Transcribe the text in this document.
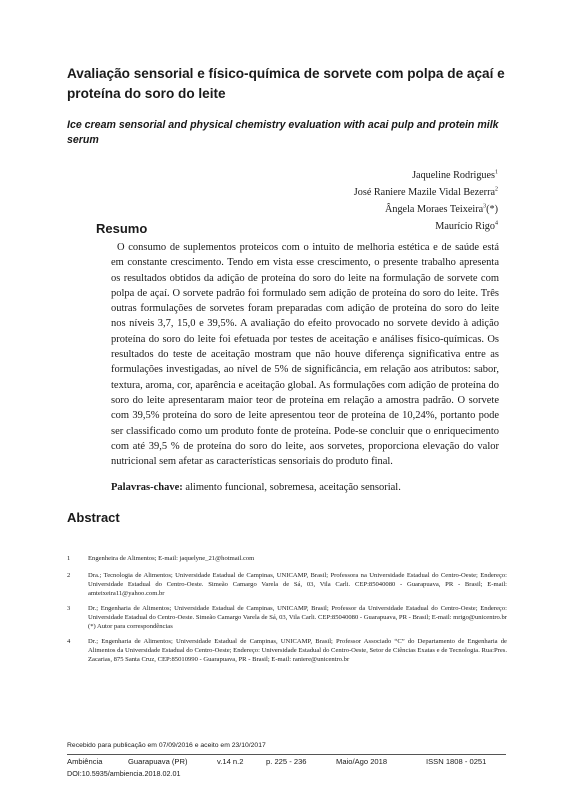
Avaliação sensorial e físico-química de sorvete com polpa de açaí e proteína do soro do leite
Ice cream sensorial and physical chemistry evaluation with acai pulp and protein milk serum
Jaqueline Rodrigues$^1$
José Raniere Mazile Vidal Bezerra$^2$
Ângela Moraes Teixeira$^3$(*)
Maurício Rigo$^4$
Resumo

O consumo de suplementos proteicos com o intuito de melhoria estética e de saúde está em constante crescimento. Tendo em vista esse crescimento, o presente trabalho apresenta os resultados obtidos da adição de proteína do soro do leite na formulação de sorvete com polpa de açaí. O sorvete padrão foi formulado sem adição de proteína do soro do leite. Três outras formulações de sorvetes foram preparadas com adição de proteína do soro do leite nos níveis 3,7, 15,0 e 39,5%. A avaliação do efeito provocado no sorvete devido à adição proteína do soro do leite foi efetuada por testes de aceitação e análises físico-químicas. Os resultados do teste de aceitação mostram que não houve diferença significativa entre as formulações investigadas, ao nível de 5% de significância, em relação aos atributos: sabor, textura, aroma, cor, aparência e aceitação global. As formulações com adição de proteína do soro do leite apresentaram maior teor de proteína em relação a amostra padrão. O sorvete com 39,5% proteína do soro de leite apresentou teor de proteína de 10,24%, portanto pode ser classificado como um produto fonte de proteína. Pode-se concluir que o enriquecimento com até 39,5 % de proteína do soro do leite, aos sorvetes, proporciona elevação do valor nutricional sem afetar as características sensoriais do produto final.

Palavras-chave: alimento funcional, sobremesa, aceitação sensorial.
Abstract
1	Engenheira de Alimentos; E-mail: jaquelyne_21@hotmail.com
2	Dra.; Tecnologia de Alimentos; Universidade Estadual de Campinas, UNICAMP, Brasil; Professora na Universidade Estadual do Centro-Oeste; Endereço: Universidade Estadual do Centro-Oeste. Simeão Camargo Varela de Sá, 03, Vila Carli. CEP:85040080 - Guarapuava, PR - Brasil; E-mail: amteixeira11@yahoo.com.br
3	Dr.; Engenharia de Alimentos; Universidade Estadual de Campinas, UNICAMP, Brasil; Professor da Universidade Estadual do Centro-Oeste; Endereço: Universidade Estadual do Centro-Oeste. Simeão Camargo Varela de Sá, 03, Vila Carli. CEP:85040080 - Guarapuava, PR - Brasil; E-mail: mrigo@unicentro.br (*) Autor para correspondências
4	Dr.; Engenharia de Alimentos; Universidade Estadual de Campinas, UNICAMP, Brasil; Professor Associado “C” do Departamento de Engenharia de Alimentos da Universidade Estadual do Centro-Oeste; Endereço: Universidade Estadual do Centro-Oeste, Setor de Ciências Exatas e de Tecnologia. Rua:Pres. Zacarias, 875 Santa Cruz, CEP:85010990 - Guarapuava, PR - Brasil; E-mail: raniere@unicentro.br
Recebido para publicação em 07/09/2016 e aceito em 23/10/2017
Ambiência	Guarapuava (PR)	v.14 n.2	p. 225 - 236	Maio/Ago 2018	ISSN 1808 - 0251
DOI:10.5935/ambiencia.2018.02.01
